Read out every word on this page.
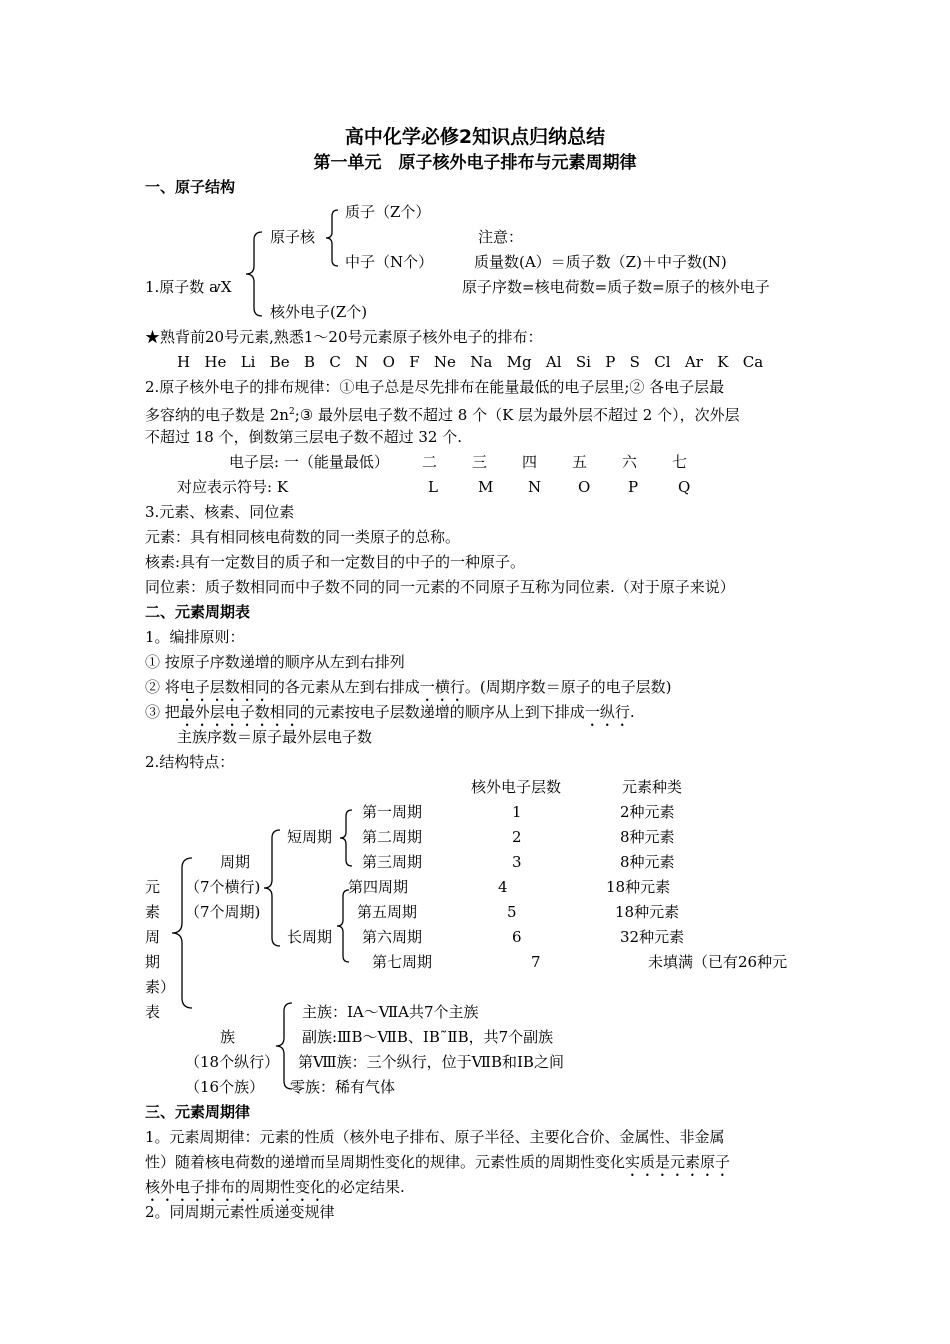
高中化学必修2知识点归纳总结
第一单元　原子核外电子排布与元素周期律
一、原子结构
质子（Z个）
原子核	注意：
中子（N个）	质量数(A）＝质子数（Z)＋中子数(N)
1.原子数 ꜹX	原子序数=核电荷数=质子数=原子的核外电子
核外电子(Z个)
★熟背前20号元素,熟悉1～20号元素原子核外电子的排布：
H He Li Be B C N O F Ne Na Mg Al Si P S Cl Ar K Ca
2.原子核外电子的排布规律：①电子总是尽先排布在能量最低的电子层里;② 各电子层最
多容纳的电子数是 $2n^2;③$ 最外层电子数不超过 8 个（K 层为最外层不超过 2 个），次外层
不超过 18 个，倒数第三层电子数不超过 32 个.
电子层: 一（能量最低） 二 三 四 五 六 七
对应表示符号: K	L	M N O	P	Q
3.元素、核素、同位素
元素：具有相同核电荷数的同一类原子的总称。
核素:具有一定数目的质子和一定数目的中子的一种原子。
同位素：质子数相同而中子数不同的同一元素的不同原子互称为同位素.（对于原子来说）
二、元素周期表
1。编排原则：
① 按原子序数递增的顺序从左到右排列
② 将电子层数相同的各元素从左到右排成一横行。(周期序数＝原子的电子层数)
③ 把最外层电子数相同的元素按电子层数递增的顺序从上到下排成一纵行.
主族序数＝原子最外层电子数
2.结构特点：
核外电子层数	元素种类
元
素
周
期
素）
表
周期
（7个横行)
（7个周期)
短周期
长周期
第一周期	1	2种元素
第二周期	2	8种元素
第三周期	3	8种元素
第四周期	4	18种元素
第五周期	5	18种元素
第六周期	6	32种元素
第七周期	7	未填满（已有26种元
族
（18个纵行）
（16个族）
主族：ⅠA～ⅦA共7个主族
副族:ⅢB～ⅦB、ⅠB˜ⅡB，共7个副族
第Ⅷ族：三个纵行，位于ⅦB和ⅠB之间
零族：稀有气体
三、元素周期律
1。元素周期律：元素的性质（核外电子排布、原子半径、主要化合价、金属性、非金属
性）随着核电荷数的递增而呈周期性变化的规律。元素性质的周期性变化实质是元素原子
核外电子排布的周期性变化的必定结果.
2。同周期元素性质递变规律
